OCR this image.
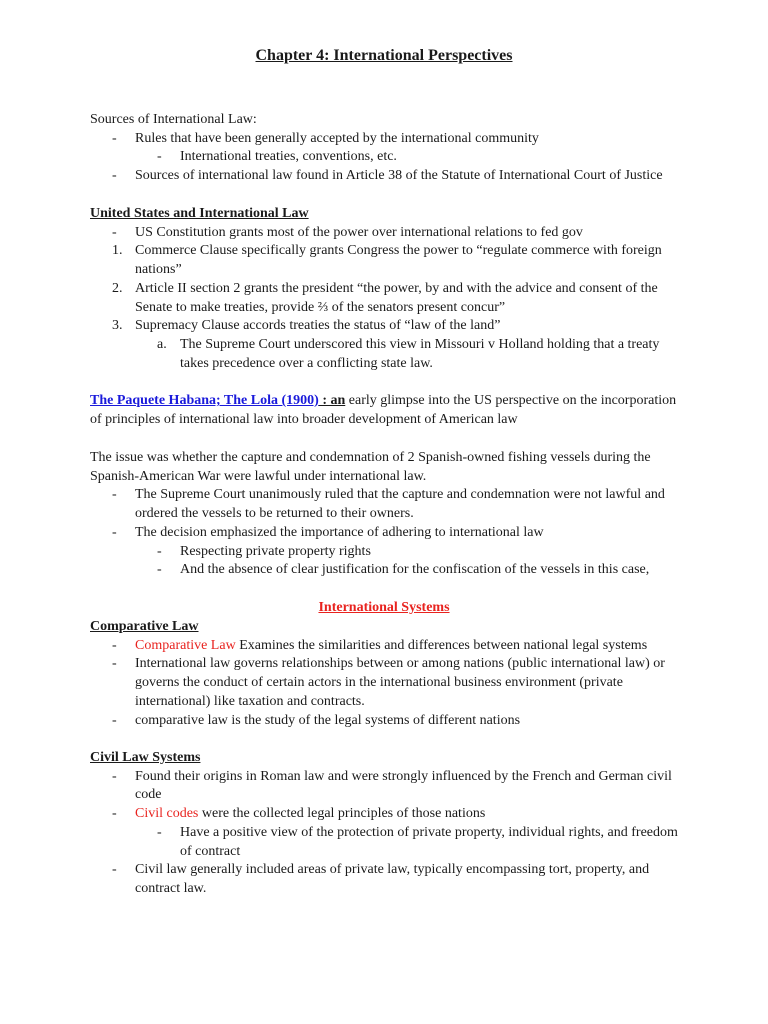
Chapter 4: International Perspectives
Sources of International Law:
- Rules that have been generally accepted by the international community
- International treaties, conventions, etc.
- Sources of international law found in Article 38 of the Statute of International Court of Justice
United States and International Law
- US Constitution grants most of the power over international relations to fed gov
1. Commerce Clause specifically grants Congress the power to “regulate commerce with foreign nations”
2. Article II section 2 grants the president “the power, by and with the advice and consent of the Senate to make treaties, provide ⅔ of the senators present concur”
3. Supremacy Clause accords treaties the status of “law of the land”
a. The Supreme Court underscored this view in Missouri v Holland holding that a treaty takes precedence over a conflicting state law.
The Paquete Habana; The Lola (1900) : an early glimpse into the US perspective on the incorporation of principles of international law into broader development of American law
The issue was whether the capture and condemnation of 2 Spanish-owned fishing vessels during the Spanish-American War were lawful under international law.
- The Supreme Court unanimously ruled that the capture and condemnation were not lawful and ordered the vessels to be returned to their owners.
- The decision emphasized the importance of adhering to international law
- Respecting private property rights
- And the absence of clear justification for the confiscation of the vessels in this case,
International Systems
Comparative Law
- Comparative Law Examines the similarities and differences between national legal systems
- International law governs relationships between or among nations (public international law) or governs the conduct of certain actors in the international business environment (private international) like taxation and contracts.
- comparative law is the study of the legal systems of different nations
Civil Law Systems
- Found their origins in Roman law and were strongly influenced by the French and German civil code
- Civil codes were the collected legal principles of those nations
- Have a positive view of the protection of private property, individual rights, and freedom of contract
- Civil law generally included areas of private law, typically encompassing tort, property, and contract law.
